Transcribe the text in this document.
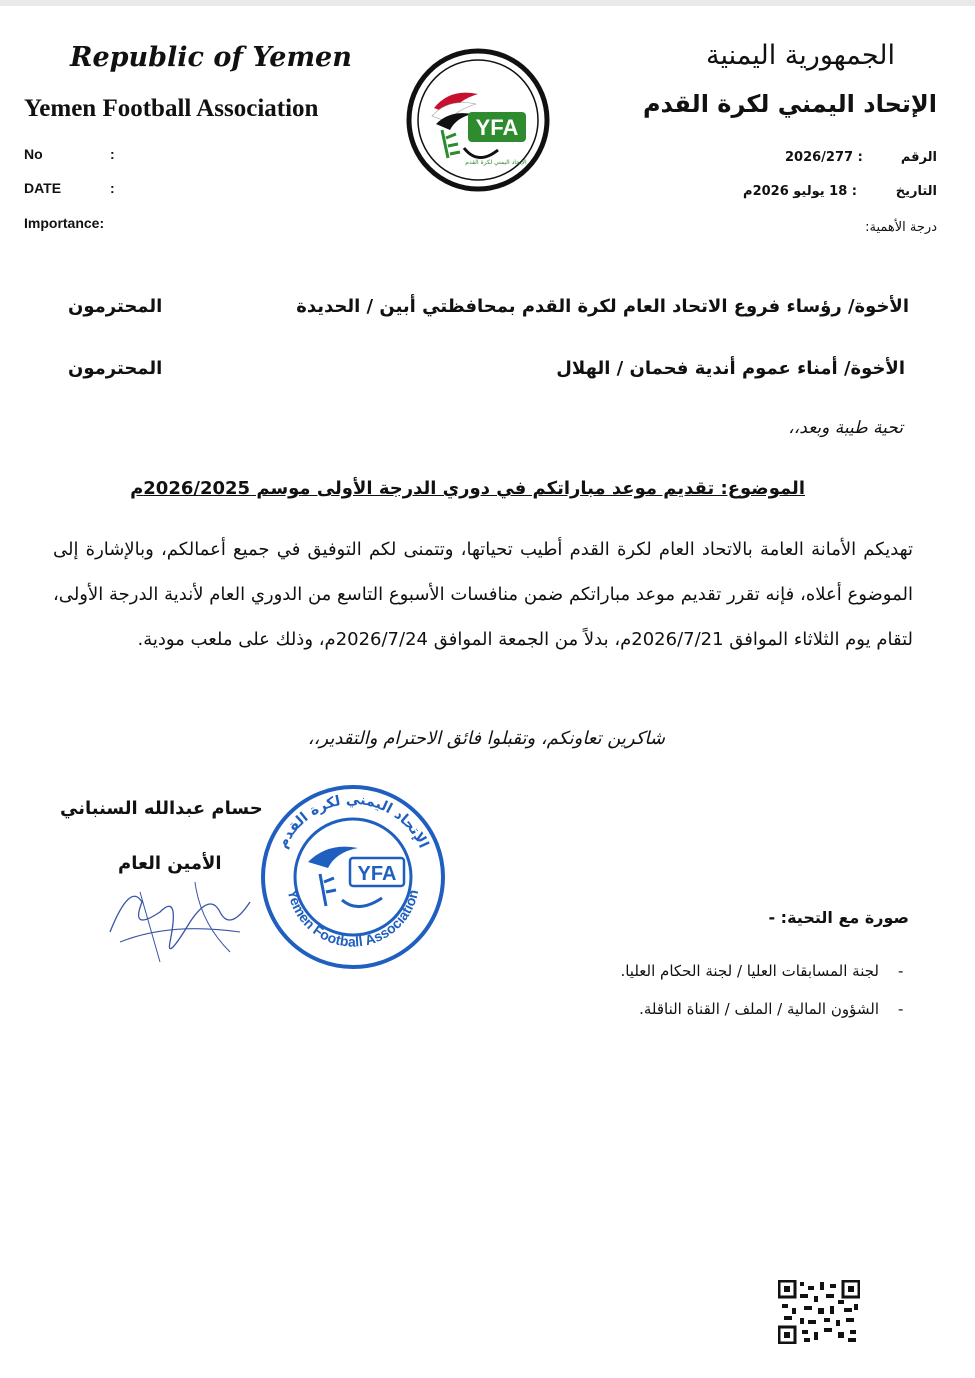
Republic of Yemen
Yemen Football Association
No	:
DATE	:
Importance:
الجمهورية اليمنية
الإتحاد اليمني لكرة القدم
الرقم
2026/277 :
التاريخ
: 18 يوليو 2026م
درجة الأهمية:
YFA
الإتحاد اليمني لكرة القدم
الأخوة/ رؤساء فروع الاتحاد العام لكرة القدم بمحافظتي أبين / الحديدة
المحترمون
الأخوة/ أمناء عموم أندية فحمان / الهلال
المحترمون
تحية طيبة وبعد،،
الموضوع: تقديم موعد مباراتكم في دوري الدرجة الأولى موسم 2026/2025م
تهديكم الأمانة العامة بالاتحاد العام لكرة القدم أطيب تحياتها، وتتمنى لكم التوفيق في جميع أعمالكم، وبالإشارة إلى الموضوع أعلاه، فإنه تقرر تقديم موعد مباراتكم ضمن منافسات الأسبوع التاسع من الدوري العام لأندية الدرجة الأولى، لتقام يوم الثلاثاء الموافق 2026/7/21م، بدلاً من الجمعة الموافق 2026/7/24م، وذلك على ملعب مودية.
شاكرين تعاونكم، وتقبلوا فائق الاحترام والتقدير،،
حسام عبدالله السنباني
الأمين العام
الإتحاد اليمني لكرة القدم
Yemen Football Association
YFA
صورة مع التحية: -
-
لجنة المسابقات العليا / لجنة الحكام العليا.
-
الشؤون المالية / الملف / القناة الناقلة.
